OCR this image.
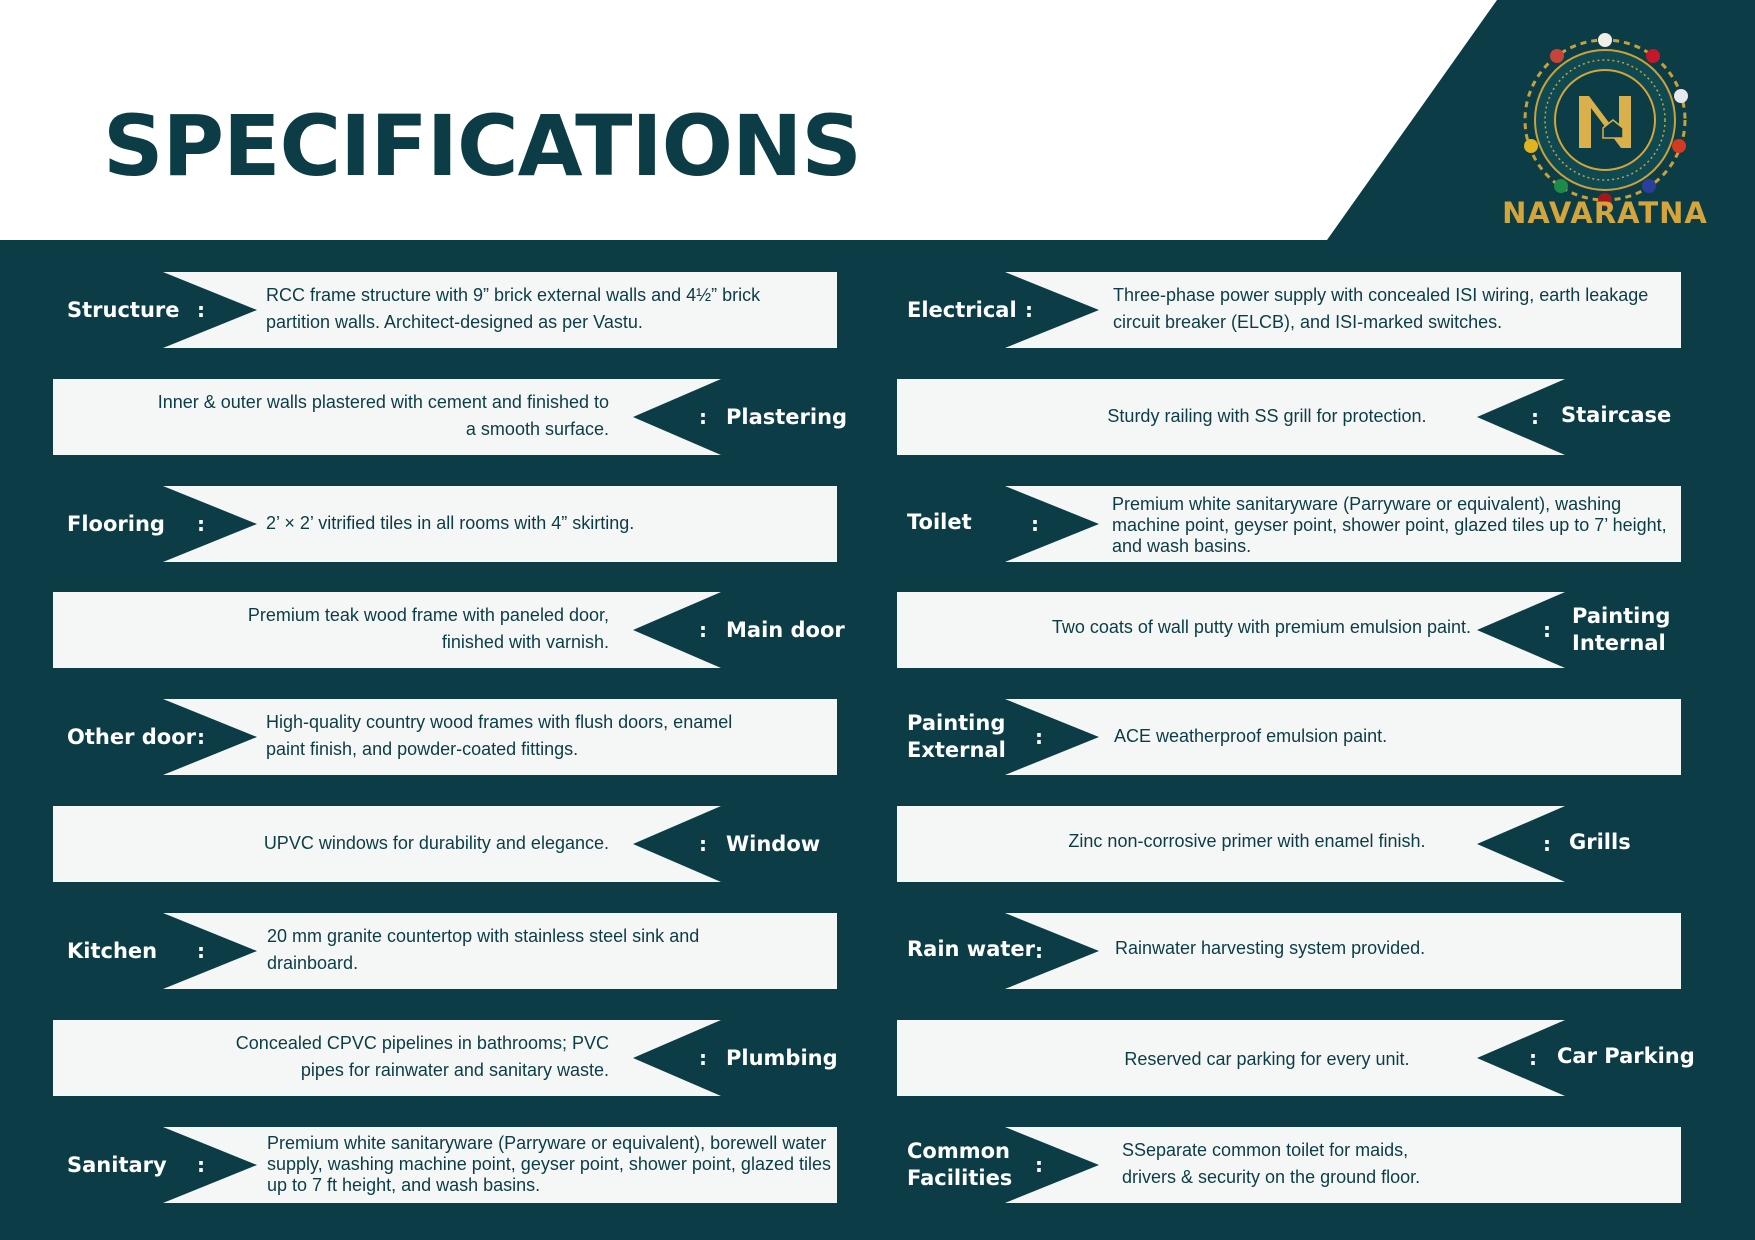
SPECIFICATIONS
NAVARATNA
Structure :
RCC frame structure with 9” brick external walls and 4½” brick partition walls. Architect-designed as per Vastu.
: Plastering
Inner & outer walls plastered with cement and finished to a smooth surface.
Flooring :	2’ × 2’ vitrified tiles in all rooms with 4” skirting.
: Main door
Premium teak wood frame with paneled door, finished with varnish.
Other door :
High-quality country wood frames with flush doors, enamel paint finish, and powder-coated fittings.
: Window
UPVC windows for durability and elegance.
Kitchen :
20 mm granite countertop with stainless steel sink and drainboard.
: Plumbing
Concealed CPVC pipelines in bathrooms; PVC pipes for rainwater and sanitary waste.
Sanitary :
Premium white sanitaryware (Parryware or equivalent), borewell water supply, washing machine point, geyser point, shower point, glazed tiles up to 7 ft height, and wash basins.
Electrical :
Three-phase power supply with concealed ISI wiring, earth leakage circuit breaker (ELCB), and ISI-marked switches.
: Staircase
Sturdy railing with SS grill for protection.
Toilet	:
Premium white sanitaryware (Parryware or equivalent), washing machine point, geyser point, shower point, glazed tiles up to 7’ height, and wash basins.
:
Painting Internal
Two coats of wall putty with premium emulsion paint.
Painting External
:	ACE weatherproof emulsion paint.
: Grills
Zinc non-corrosive primer with enamel finish.
Rain water :	Rainwater harvesting system provided.
: Car Parking
Reserved car parking for every unit.
Common Facilities
:
SSeparate common toilet for maids, drivers & security on the ground floor.
